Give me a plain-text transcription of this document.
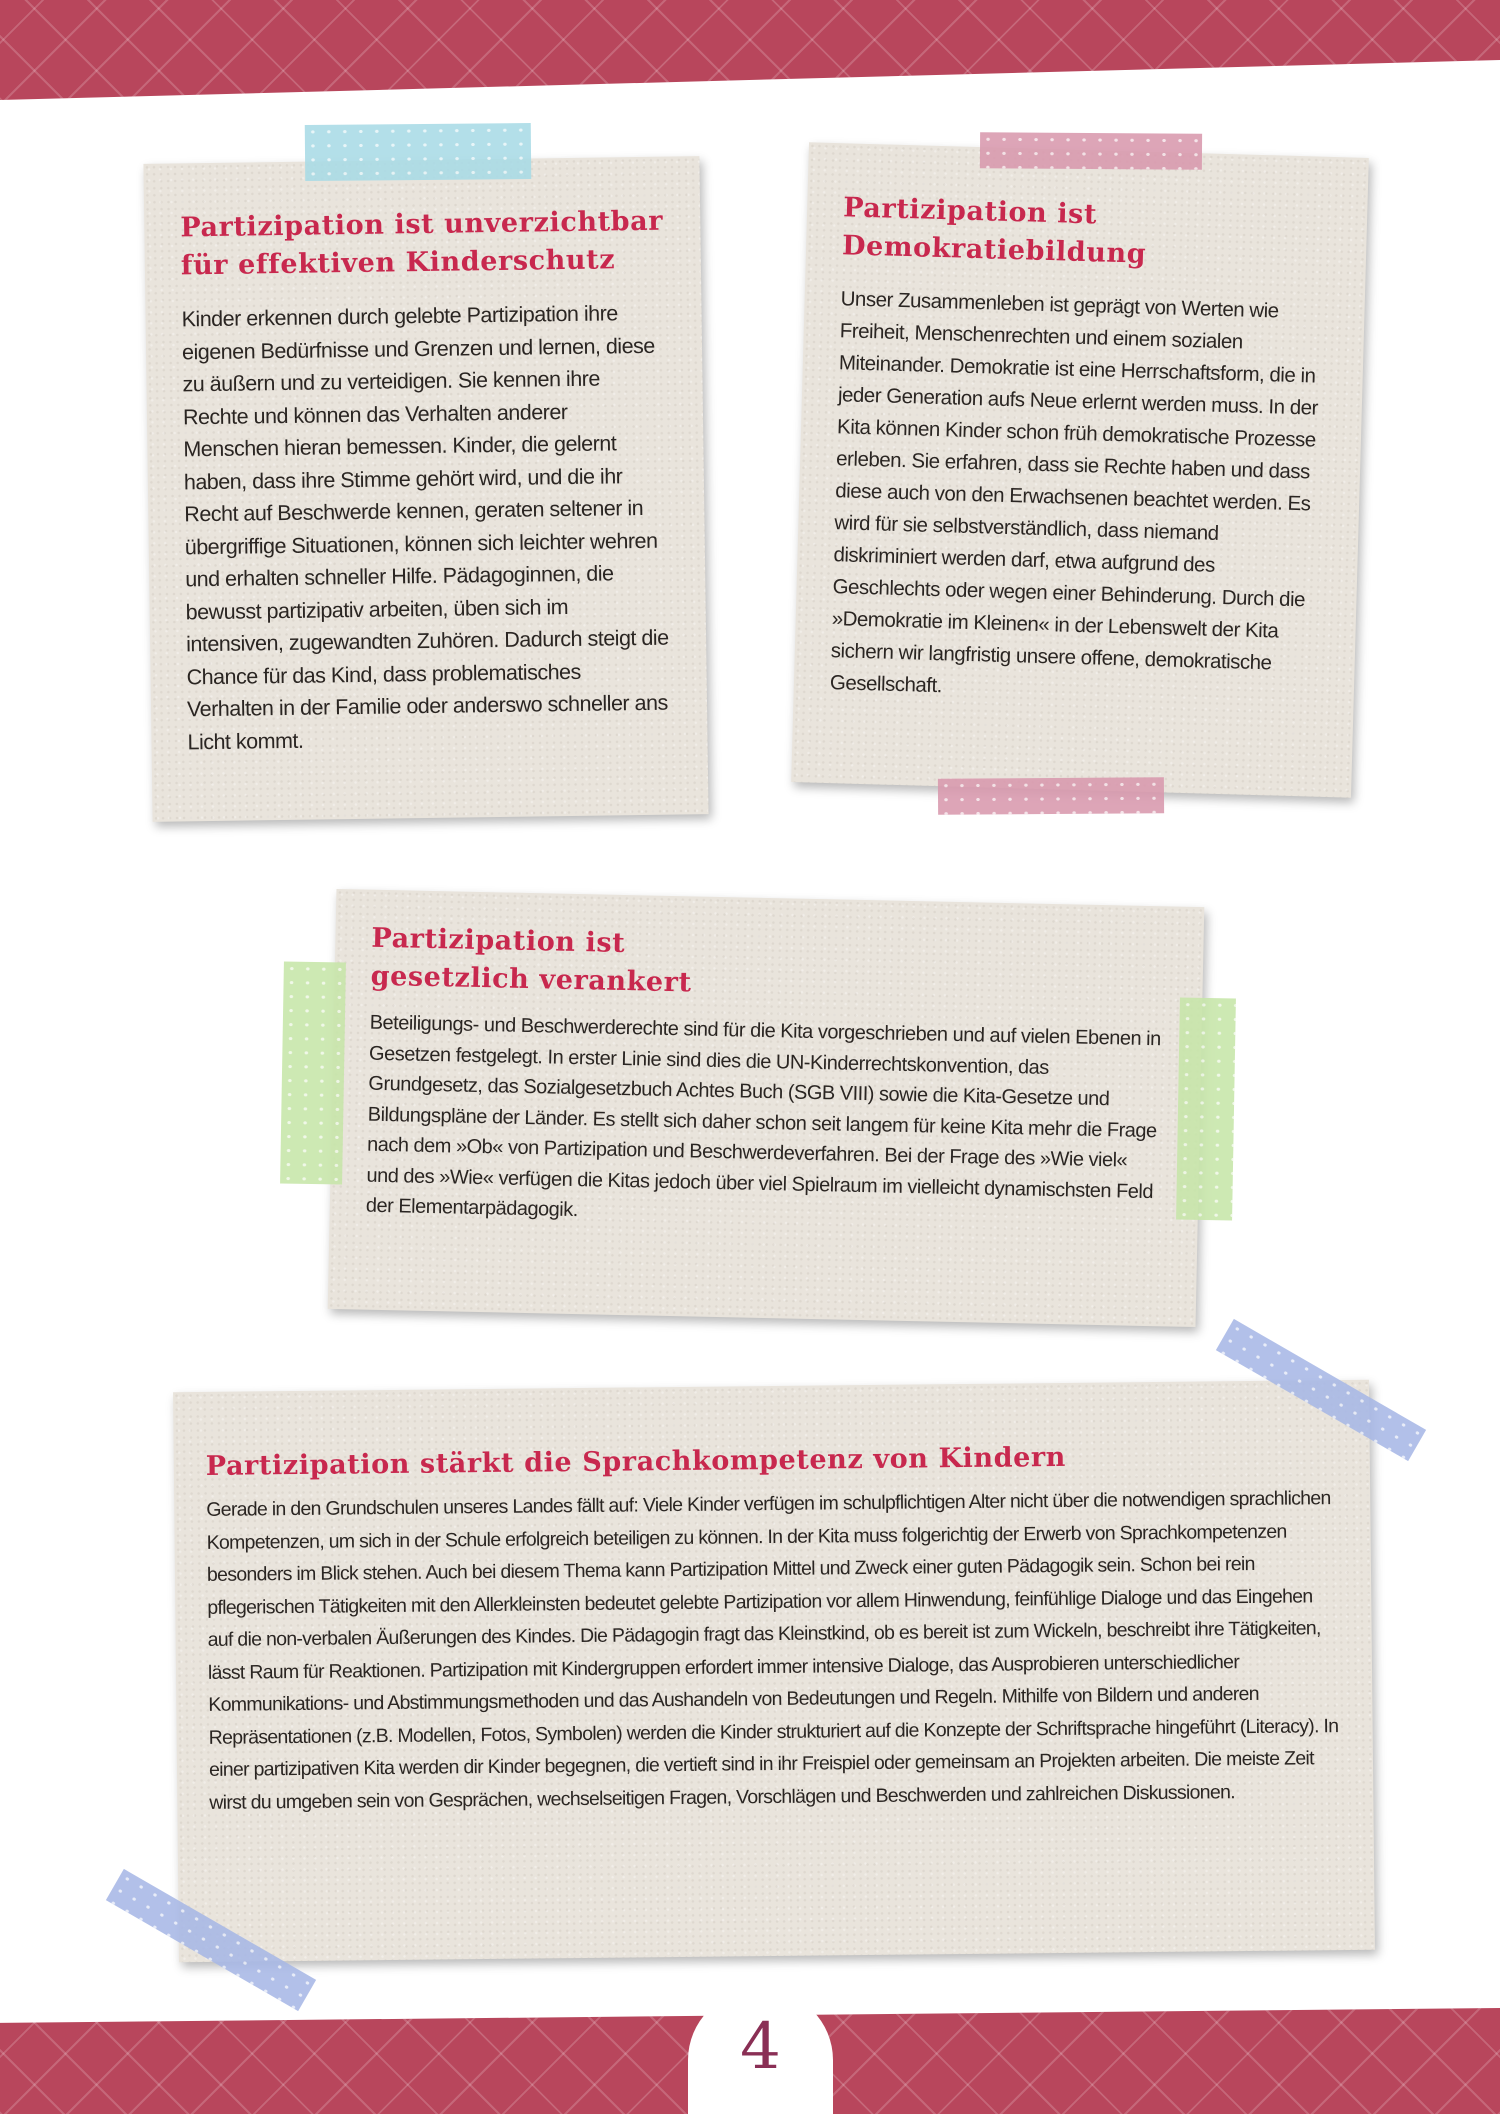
Partizipation ist unverzichtbar
für effektiven Kinderschutz

Kinder erkennen durch gelebte Partizipation ihre eigenen Bedürfnisse und Grenzen und lernen, diese zu äußern und zu verteidigen. Sie kennen ihre Rechte und können das Verhalten anderer Menschen hieran bemessen. Kinder, die gelernt haben, dass ihre Stimme gehört wird, und die ihr Recht auf Beschwerde kennen, geraten seltener in übergriffige Situationen, können sich leichter wehren und erhalten schneller Hilfe. Pädagoginnen, die bewusst partizipativ arbeiten, üben sich im intensiven, zugewandten Zuhören. Dadurch steigt die Chance für das Kind, dass problematisches Verhalten in der Familie oder anderswo schneller ans Licht kommt.

Partizipation ist
Demokratiebildung

Unser Zusammenleben ist geprägt von Werten wie Freiheit, Menschenrechten und einem sozialen Miteinander. Demokratie ist eine Herrschaftsform, die in jeder Generation aufs Neue erlernt werden muss. In der Kita können Kinder schon früh demokratische Prozesse erleben. Sie erfahren, dass sie Rechte haben und dass diese auch von den Erwachsenen beachtet werden. Es wird für sie selbstverständlich, dass niemand diskriminiert werden darf, etwa aufgrund des Geschlechts oder wegen einer Behinderung. Durch die »Demokratie im Kleinen« in der Lebenswelt der Kita sichern wir langfristig unsere offene, demokratische Gesellschaft.

Partizipation ist
gesetzlich verankert

Beteiligungs- und Beschwerderechte sind für die Kita vorgeschrieben und auf vielen Ebenen in Gesetzen festgelegt. In erster Linie sind dies die UN-Kinderrechtskonvention, das Grundgesetz, das Sozialgesetzbuch Achtes Buch (SGB VIII) sowie die Kita-Gesetze und Bildungspläne der Länder. Es stellt sich daher schon seit langem für keine Kita mehr die Frage nach dem »Ob« von Partizipation und Beschwerdeverfahren. Bei der Frage des »Wie viel« und des »Wie« verfügen die Kitas jedoch über viel Spielraum im vielleicht dynamischsten Feld der Elementarpädagogik.

Partizipation stärkt die Sprachkompetenz von Kindern

Gerade in den Grundschulen unseres Landes fällt auf: Viele Kinder verfügen im schulpflichtigen Alter nicht über die notwendigen sprachlichen Kompetenzen, um sich in der Schule erfolgreich beteiligen zu können. In der Kita muss folgerichtig der Erwerb von Sprachkompetenzen besonders im Blick stehen. Auch bei diesem Thema kann Partizipation Mittel und Zweck einer guten Pädagogik sein. Schon bei rein pflegerischen Tätigkeiten mit den Allerkleinsten bedeutet gelebte Partizipation vor allem Hinwendung, feinfühlige Dialoge und das Eingehen auf die non-verbalen Äußerungen des Kindes. Die Pädagogin fragt das Kleinstkind, ob es bereit ist zum Wickeln, beschreibt ihre Tätigkeiten, lässt Raum für Reaktionen. Partizipation mit Kindergruppen erfordert immer intensive Dialoge, das Ausprobieren unterschiedlicher Kommunikations- und Abstimmungsmethoden und das Aushandeln von Bedeutungen und Regeln. Mithilfe von Bildern und anderen Repräsentationen (z.B. Modellen, Fotos, Symbolen) werden die Kinder strukturiert auf die Konzepte der Schriftsprache hingeführt (Literacy). In einer partizipativen Kita werden dir Kinder begegnen, die vertieft sind in ihr Freispiel oder gemeinsam an Projekten arbeiten. Die meiste Zeit wirst du umgeben sein von Gesprächen, wechselseitigen Fragen, Vorschlägen und Beschwerden und zahlreichen Diskussionen.

4
